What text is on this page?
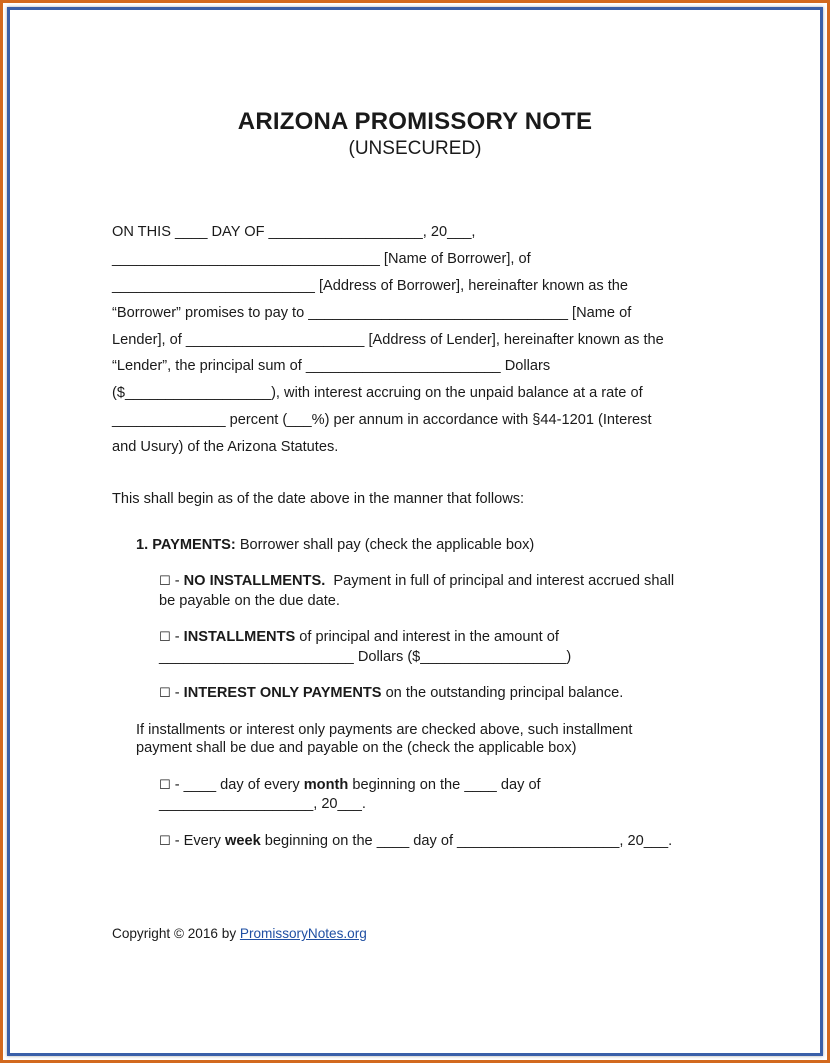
ARIZONA PROMISSORY NOTE
(UNSECURED)
ON THIS ____ DAY OF ___________________, 20___,
_________________________________ [Name of Borrower], of
_________________________ [Address of Borrower], hereinafter known as the
“Borrower” promises to pay to ________________________________ [Name of
Lender], of ______________________ [Address of Lender], hereinafter known as the
“Lender”, the principal sum of ________________________ Dollars
($__________________), with interest accruing on the unpaid balance at a rate of
______________ percent (___%) per annum in accordance with §44-1201 (Interest
and Usury) of the Arizona Statutes.
This shall begin as of the date above in the manner that follows:
1. PAYMENTS: Borrower shall pay (check the applicable box)
☐ - NO INSTALLMENTS.  Payment in full of principal and interest accrued shall
be payable on the due date.
☐ - INSTALLMENTS of principal and interest in the amount of
________________________ Dollars ($__________________)
☐ - INTEREST ONLY PAYMENTS on the outstanding principal balance.
If installments or interest only payments are checked above, such installment
payment shall be due and payable on the (check the applicable box)
☐ - ____ day of every month beginning on the ____ day of
___________________, 20___.
☐ - Every week beginning on the ____ day of ____________________, 20___.
Copyright © 2016 by PromissoryNotes.org
